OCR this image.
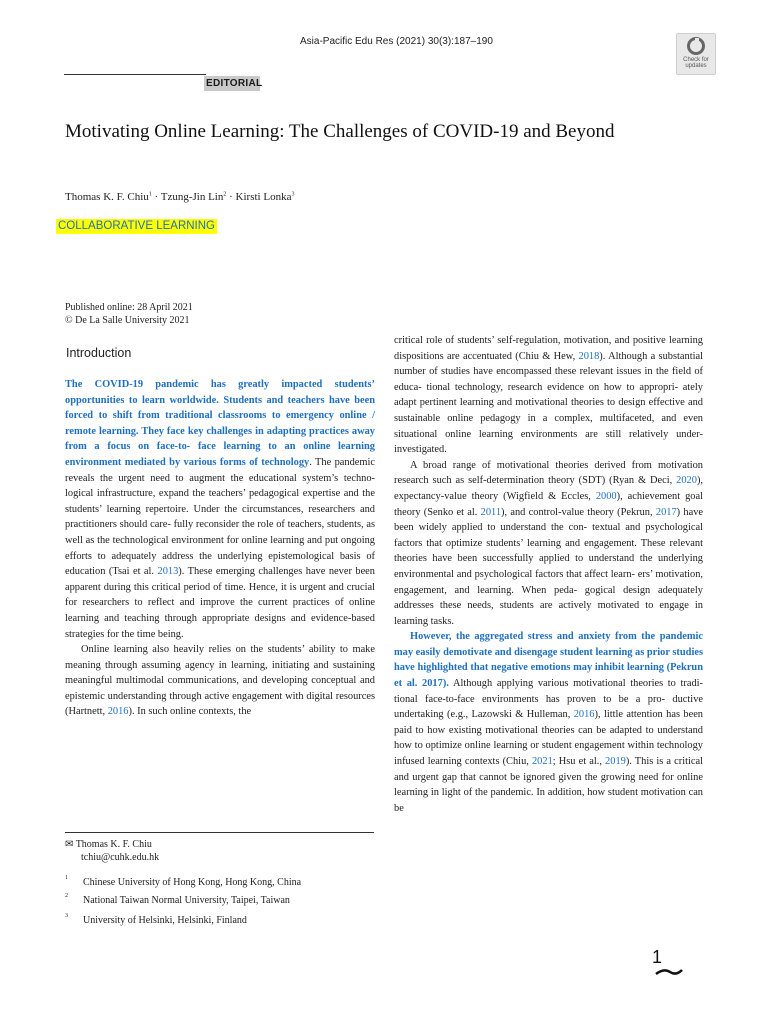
Asia-Pacific Edu Res (2021) 30(3):187–190
Check for updates
EDITORIAL
Motivating Online Learning: The Challenges of COVID-19 and Beyond
Thomas K. F. Chiu$^1$ · Tzung-Jin Lin$^2$ · Kirsti Lonka$^3$
COLLABORATIVE LEARNING
Published online: 28 April 2021
© De La Salle University 2021
Introduction

The COVID-19 pandemic has greatly impacted students’ opportunities to learn worldwide. Students and teachers have been forced to shift from traditional classrooms to emergency online / remote learning. They face key challenges in adapting practices away from a focus on face-to- face learning to an online learning environment mediated by various forms of technology. The pandemic reveals the urgent need to augment the educational system’s techno- logical infrastructure, expand the teachers’ pedagogical expertise and the students’ learning repertoire. Under the circumstances, researchers and practitioners should care- fully reconsider the role of teachers, students, as well as the technological environment for online learning and put ongoing efforts to adequately address the underlying epistemological basis of education (Tsai et al. 2013). These emerging challenges have never been apparent during this critical period of time. Hence, it is urgent and crucial for researchers to reflect and improve the current practices of online learning and teaching through appropriate designs and evidence-based strategies for the time being.

Online learning also heavily relies on the students’ ability to make meaning through assuming agency in learning, initiating and sustaining meaningful multimodal communications, and developing conceptual and epistemic understanding through active engagement with digital resources (Hartnett, 2016). In such online contexts, the

critical role of students’ self-regulation, motivation, and positive learning dispositions are accentuated (Chiu & Hew, 2018). Although a substantial number of studies have encompassed these relevant issues in the field of educa- tional technology, research evidence on how to appropri- ately adapt pertinent learning and motivational theories to design effective and sustainable online pedagogy in a complex, multifaceted, and even situational online learning environments are still relatively under-investigated.

A broad range of motivational theories derived from motivation research such as self-determination theory (SDT) (Ryan & Deci, 2020), expectancy-value theory (Wigfield & Eccles, 2000), achievement goal theory (Senko et al. 2011), and control-value theory (Pekrun, 2017) have been widely applied to understand the con- textual and psychological factors that optimize students’ learning and engagement. These relevant theories have been successfully applied to understand the underlying environmental and psychological factors that affect learn- ers’ motivation, engagement, and learning. When peda- gogical design adequately addresses these needs, students are actively motivated to engage in learning tasks.

However, the aggregated stress and anxiety from the pandemic may easily demotivate and disengage student learning as prior studies have highlighted that negative emotions may inhibit learning (Pekrun et al. 2017). Although applying various motivational theories to tradi- tional face-to-face environments has proven to be a pro- ductive undertaking (e.g., Lazowski & Hulleman, 2016), little attention has been paid to how existing motivational theories can be adapted to understand how to optimize online learning or student engagement within technology infused learning contexts (Chiu, 2021; Hsu et al., 2019). This is a critical and urgent gap that cannot be ignored given the growing need for online learning in light of the pandemic. In addition, how student motivation can be

✉ Thomas K. F. Chiu
tchiu@cuhk.edu.hk
1 Chinese University of Hong Kong, Hong Kong, China
2 National Taiwan Normal University, Taipei, Taiwan
3 University of Helsinki, Helsinki, Finland
1
